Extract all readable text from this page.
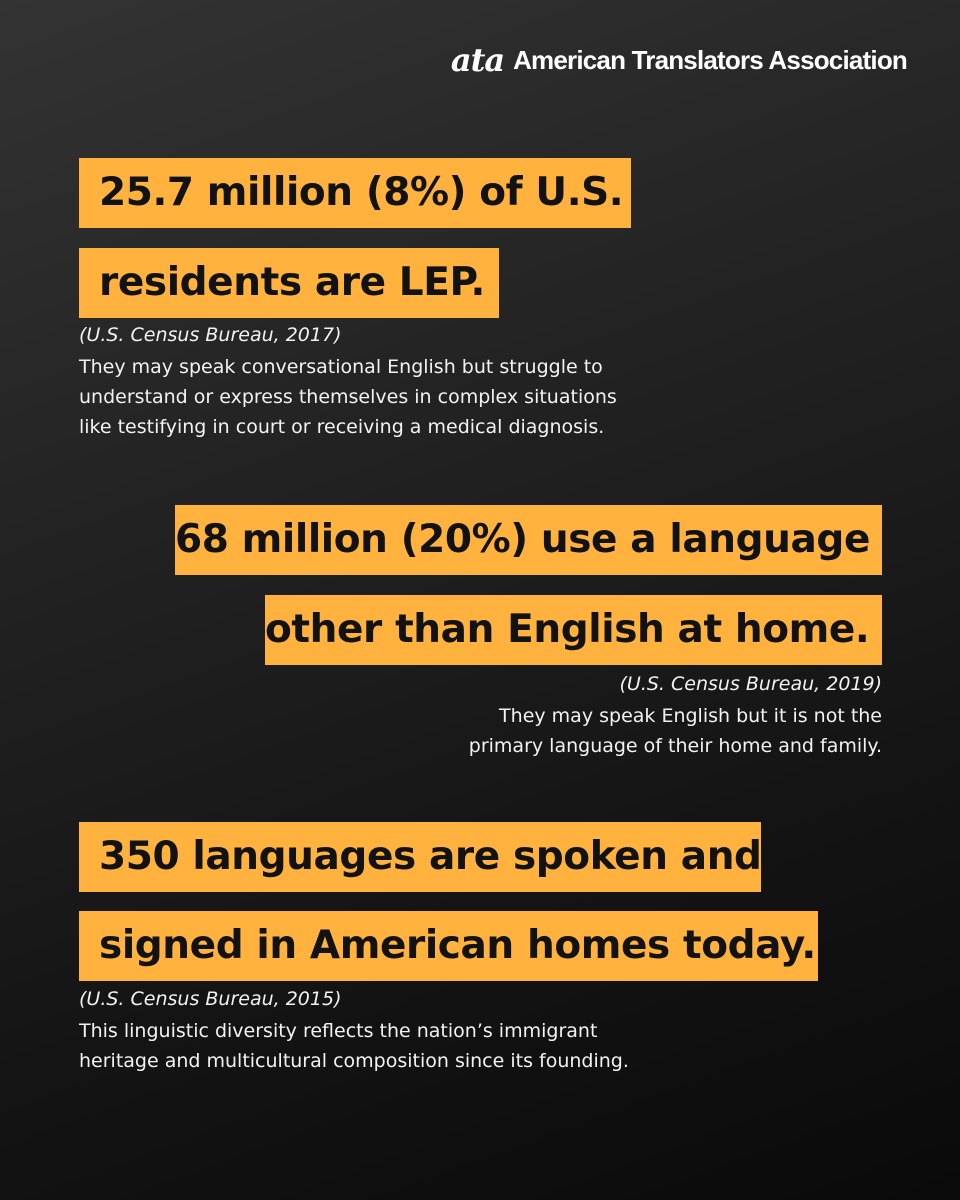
ata American Translators Association
25.7 million (8%) of U.S.
residents are LEP.
(U.S. Census Bureau, 2017)
They may speak conversational English but struggle to
understand or express themselves in complex situations
like testifying in court or receiving a medical diagnosis.
68 million (20%) use a language
other than English at home.
(U.S. Census Bureau, 2019)
They may speak English but it is not the
primary language of their home and family.
350 languages are spoken and
signed in American homes today.
(U.S. Census Bureau, 2015)
This linguistic diversity reflects the nation’s immigrant
heritage and multicultural composition since its founding.
